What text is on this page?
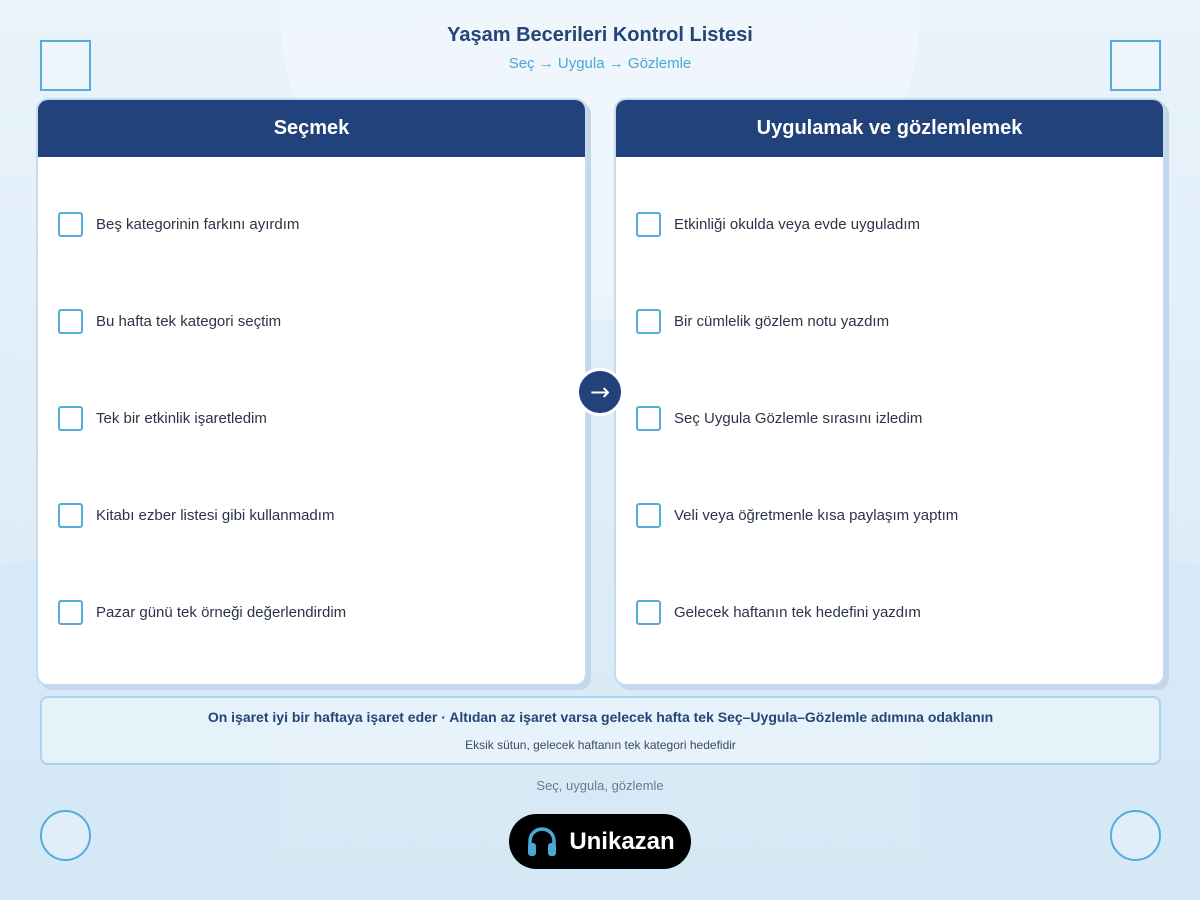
Yaşam Becerileri Kontrol Listesi
Seç → Uygula → Gözlemle
Seçmek
Beş kategorinin farkını ayırdım
Bu hafta tek kategori seçtim
Tek bir etkinlik işaretledim
Kitabı ezber listesi gibi kullanmadım
Pazar günü tek örneği değerlendirdim
Uygulamak ve gözlemlemek
Etkinliği okulda veya evde uyguladım
Bir cümlelik gözlem notu yazdım
Seç Uygula Gözlemle sırasını izledim
Veli veya öğretmenle kısa paylaşım yaptım
Gelecek haftanın tek hedefini yazdım
→
On işaret iyi bir haftaya işaret eder · Altıdan az işaret varsa gelecek hafta tek Seç–Uygula–Gözlemle adımına odaklanın
Eksik sütun, gelecek haftanın tek kategori hedefidir
Seç, uygula, gözlemle
Unikazan
